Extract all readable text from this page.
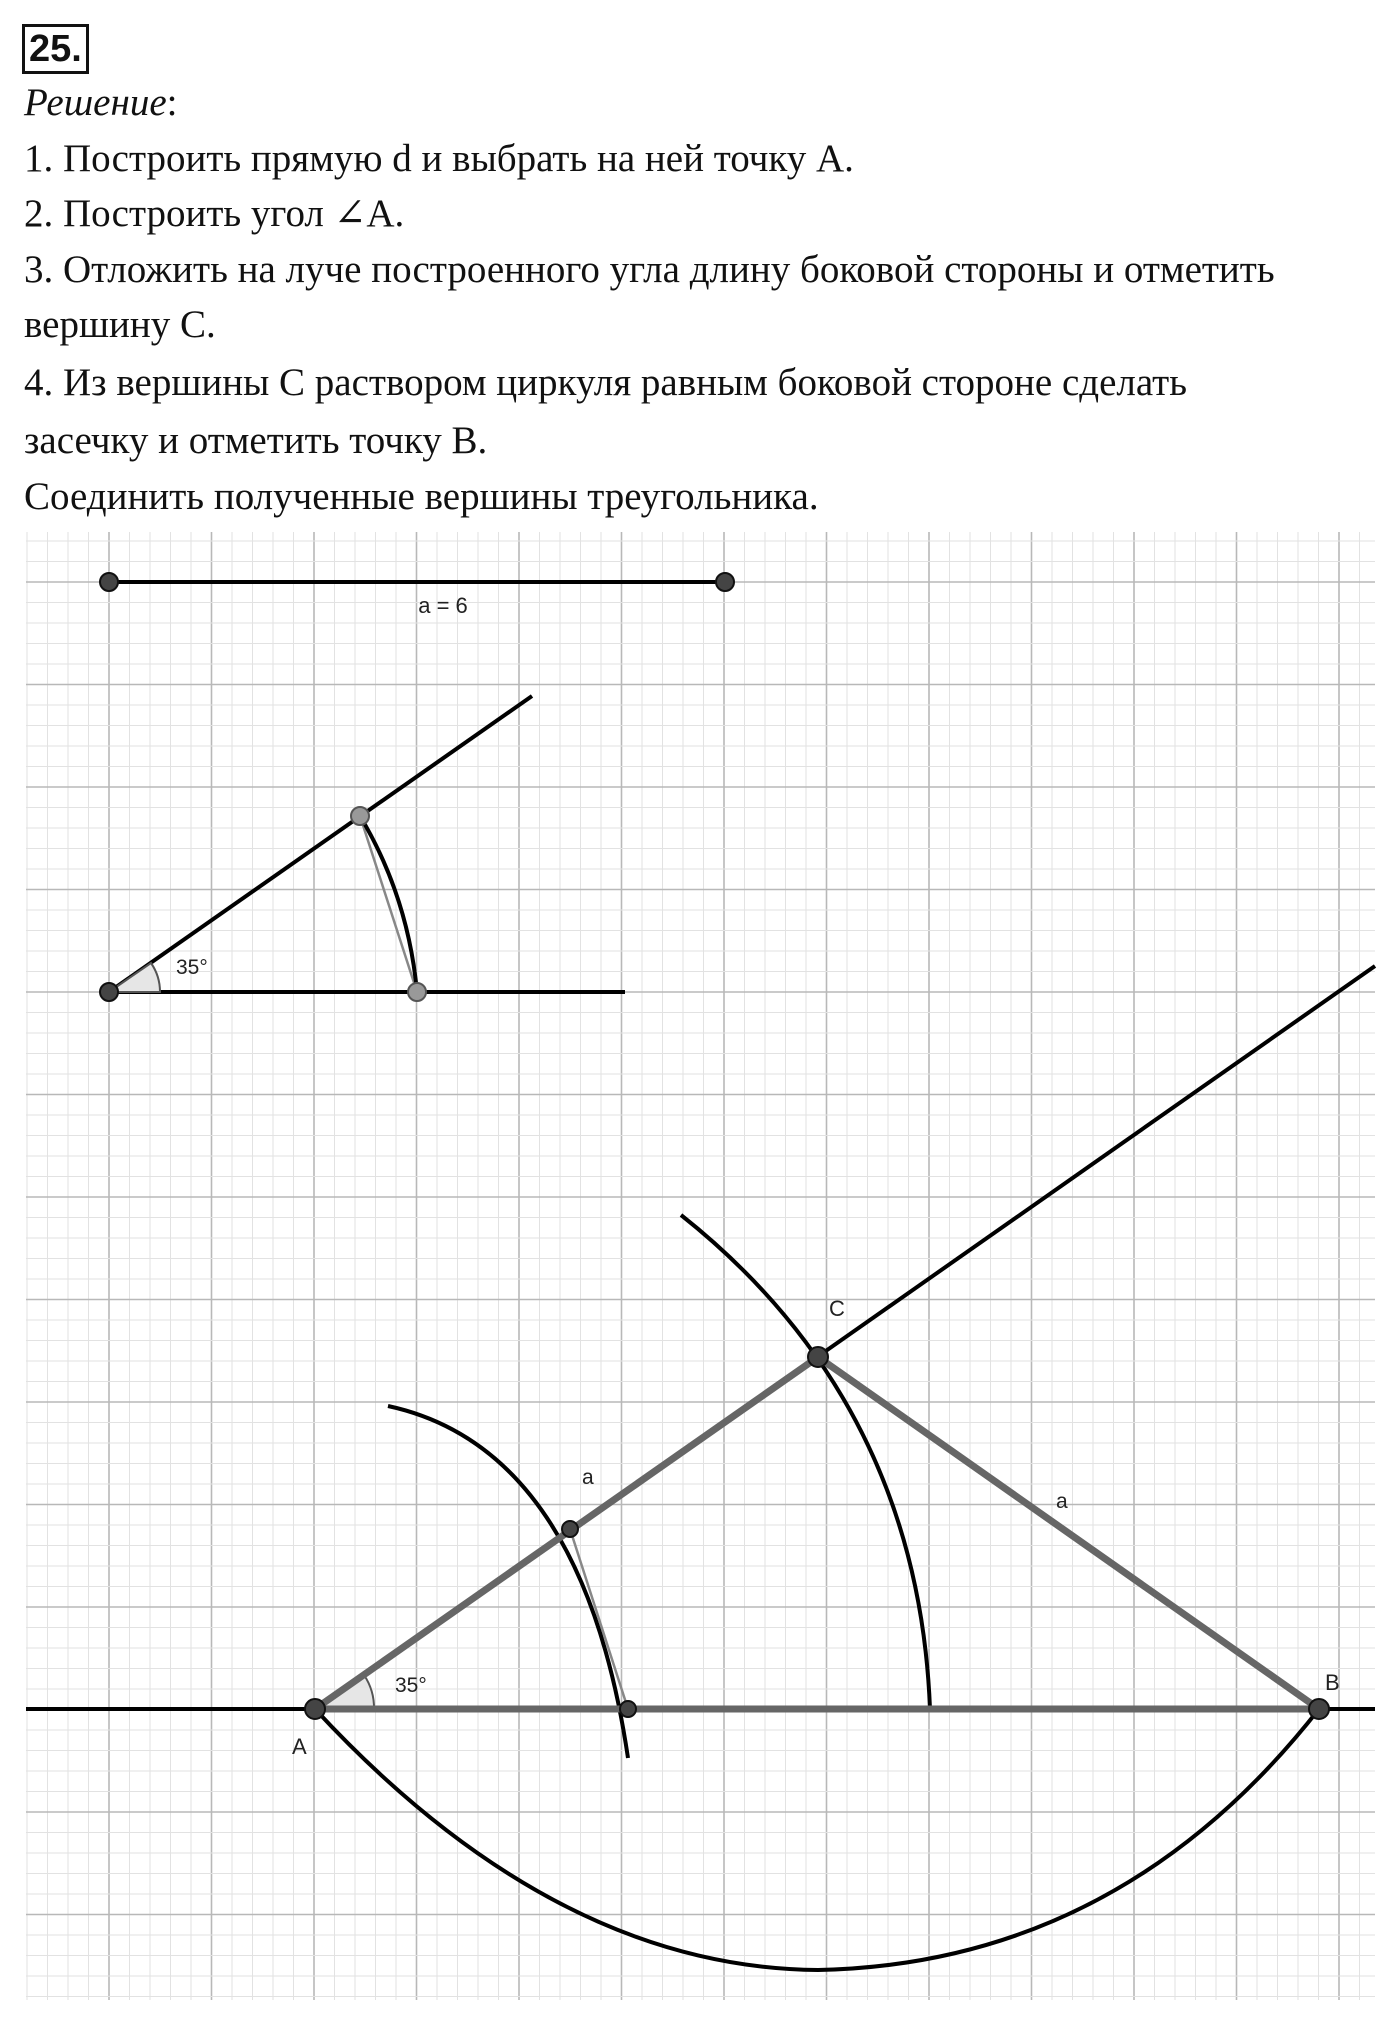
25.
Решение:
1. Построить прямую d и выбрать на ней точку A.
2. Построить угол ∠A.
3. Отложить на луче построенного угла длину боковой стороны и отметить
вершину C.
4. Из вершины C раствором циркуля равным боковой стороне сделать
засечку и отметить точку B.
Соединить полученные вершины треугольника.
a = 6
35°
35°
a
a
A
B
C
